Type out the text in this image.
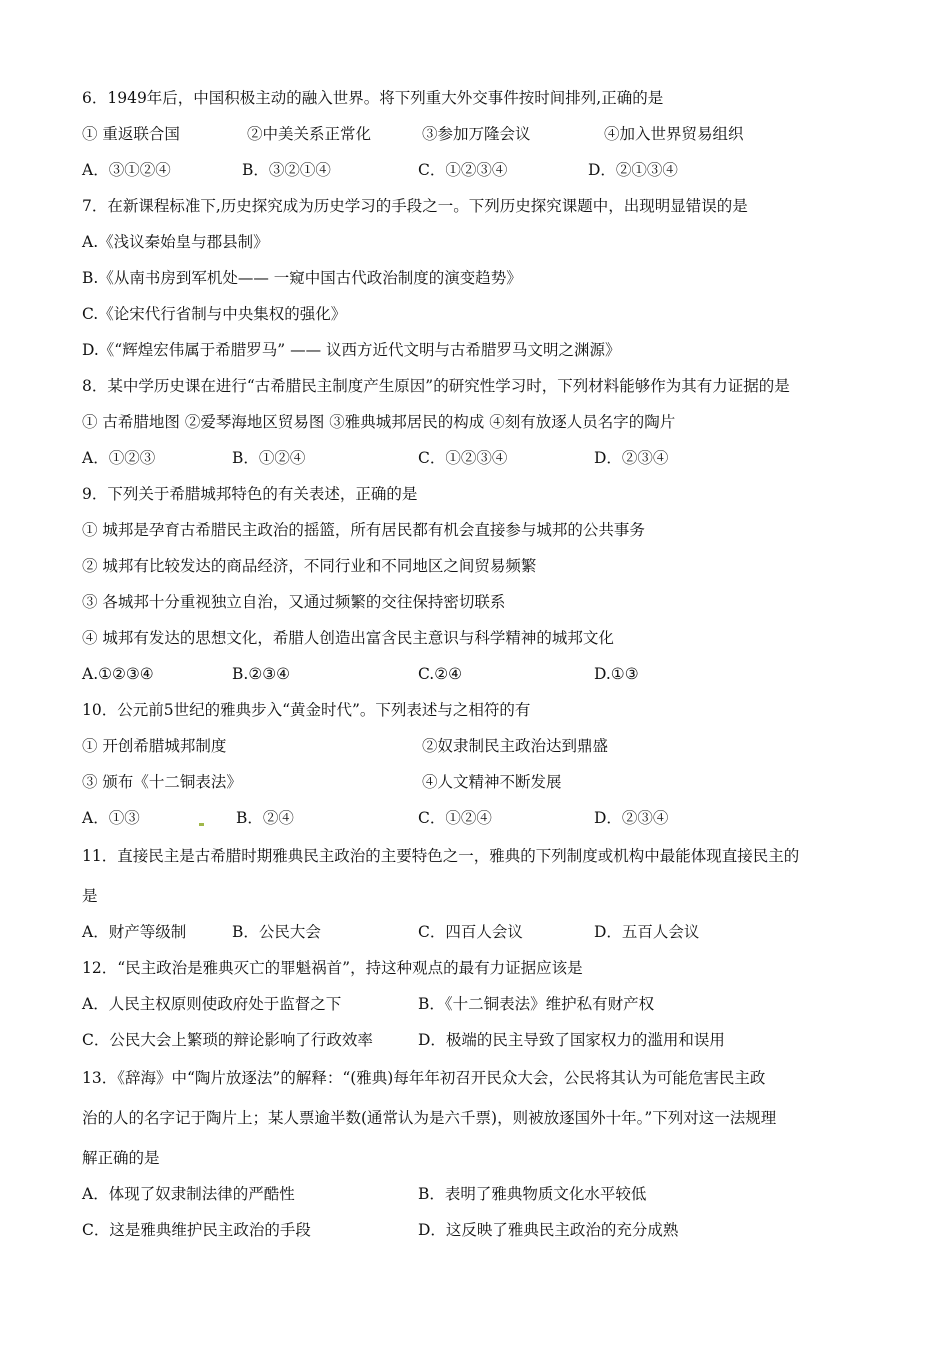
6．1949年后，中国积极主动的融入世界。将下列重大外交事件按时间排列,正确的是
① 重返联合国	②中美关系正常化	③参加万隆会议	④加入世界贸易组织
A．③①②④	B．③②①④	C．①②③④	D．②①③④
7．在新课程标准下,历史探究成为历史学习的手段之一。下列历史探究课题中，出现明显错误的是
A.《浅议秦始皇与郡县制》
B.《从南书房到军机处—— 一窥中国古代政治制度的演变趋势》
C.《论宋代行省制与中央集权的强化》
D.《“辉煌宏伟属于希腊罗马” —— 议西方近代文明与古希腊罗马文明之渊源》
8．某中学历史课在进行“古希腊民主制度产生原因”的研究性学习时，下列材料能够作为其有力证据的是
① 古希腊地图 ②爱琴海地区贸易图 ③雅典城邦居民的构成 ④刻有放逐人员名字的陶片
A．①②③	B．①②④	C．①②③④	D．②③④
9．下列关于希腊城邦特色的有关表述，正确的是
① 城邦是孕育古希腊民主政治的摇篮，所有居民都有机会直接参与城邦的公共事务
② 城邦有比较发达的商品经济，不同行业和不同地区之间贸易频繁
③ 各城邦十分重视独立自治，又通过频繁的交往保持密切联系
④ 城邦有发达的思想文化，希腊人创造出富含民主意识与科学精神的城邦文化
A.①②③④	B.②③④	C.②④	D.①③
10．公元前5世纪的雅典步入“黄金时代”。下列表述与之相符的有
① 开创希腊城邦制度	②奴隶制民主政治达到鼎盛
③ 颁布《十二铜表法》	④人文精神不断发展
A．①③	B．②④	C．①②④	D．②③④
11．直接民主是古希腊时期雅典民主政治的主要特色之一，雅典的下列制度或机构中最能体现直接民主的
是
A．财产等级制	B．公民大会	C．四百人会议	D．五百人会议
12．“民主政治是雅典灭亡的罪魁祸首”，持这种观点的最有力证据应该是
A．人民主权原则使政府处于监督之下	B．《十二铜表法》维护私有财产权
C．公民大会上繁琐的辩论影响了行政效率	D．极端的民主导致了国家权力的滥用和误用
13．《辞海》中“陶片放逐法”的解释：“(雅典)每年年初召开民众大会，公民将其认为可能危害民主政
治的人的名字记于陶片上；某人票逾半数(通常认为是六千票)，则被放逐国外十年。”下列对这一法规理
解正确的是
A．体现了奴隶制法律的严酷性	B．表明了雅典物质文化水平较低
C．这是雅典维护民主政治的手段	D．这反映了雅典民主政治的充分成熟
